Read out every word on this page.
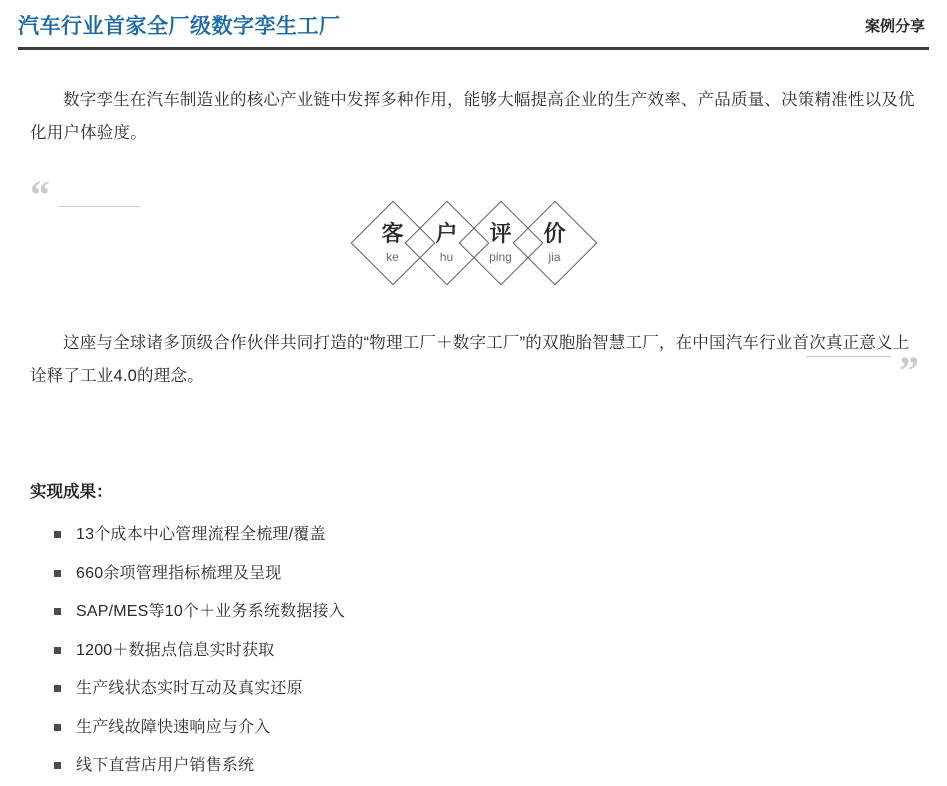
汽车行业首家全厂级数字孪生工厂	案例分享

数字孪生在汽车制造业的核心产业链中发挥多种作用，能够大幅提高企业的生产效率、产品质量、决策精准性以及优化用户体验度。

“
客
ke
户
hu
评
ping
价
jia

这座与全球诸多顶级合作伙伴共同打造的“物理工厂＋数字工厂”的双胞胎智慧工厂，在中国汽车行业首次真正意义上诠释了工业4.0的理念。	”
实现成果：
13个成本中心管理流程全梳理/覆盖
660余项管理指标梳理及呈现
SAP/MES等10个＋业务系统数据接入
1200＋数据点信息实时获取
生产线状态实时互动及真实还原
生产线故障快速响应与介入
线下直营店用户销售系统
